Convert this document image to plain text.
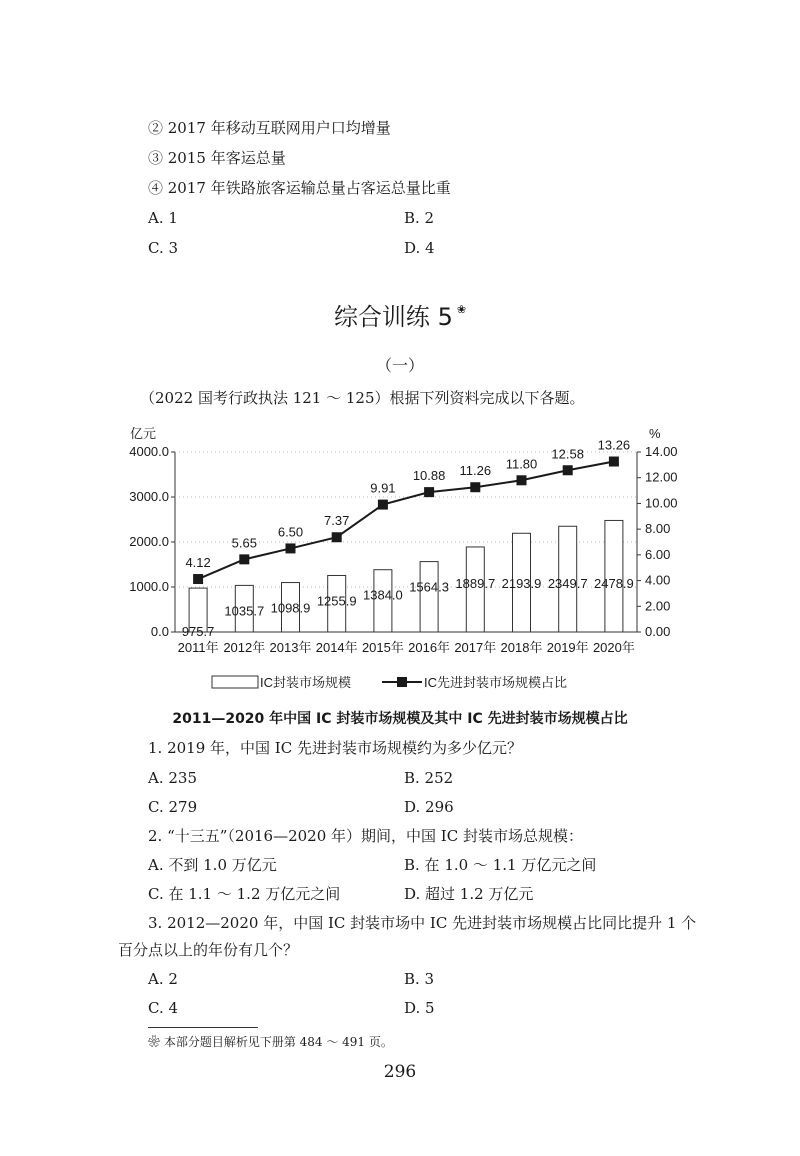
② 2017 年移动互联网用户口均增量
③ 2015 年客运总量
④ 2017 年铁路旅客运输总量占客运总量比重
A. 1	B. 2
C. 3	D. 4
综合训练 5 ❀
（一）
（2022 国考行政执法 121 ～ 125）根据下列资料完成以下各题。
亿元	%
975.7
1035.7 1098.9 1255.9 1384.0
1564.3 1889.7 2193.9 2349.7 2478.9
4.12
5.65
6.50
7.37
9.91
10.88 11.26 11.80
12.58
13.26
0.0
1000.0
2000.0
3000.0
4000.0
0.00
2.00
4.00
6.00
8.00
10.00
12.00
14.00
2011年 2012年 2013年 2014年 2015年 2016年 2017年 2018年 2019年 2020年
IC封装市场规模	IC先进封装市场规模占比
2011—2020 年中国 IC 封装市场规模及其中 IC 先进封装市场规模占比
1. 2019 年，中国 IC 先进封装市场规模约为多少亿元？
A. 235	B. 252
C. 279	D. 296
2. “十三五”（2016—2020 年）期间，中国 IC 封装市场总规模：
A. 不到 1.0 万亿元	B. 在 1.0 ～ 1.1 万亿元之间
C. 在 1.1 ～ 1.2 万亿元之间	D. 超过 1.2 万亿元
3. 2012—2020 年，中国 IC 封装市场中 IC 先进封装市场规模占比同比提升 1 个
百分点以上的年份有几个？
A. 2	B. 3
C. 4	D. 5
❀ 本部分题目解析见下册第 484 ～ 491 页。
296
